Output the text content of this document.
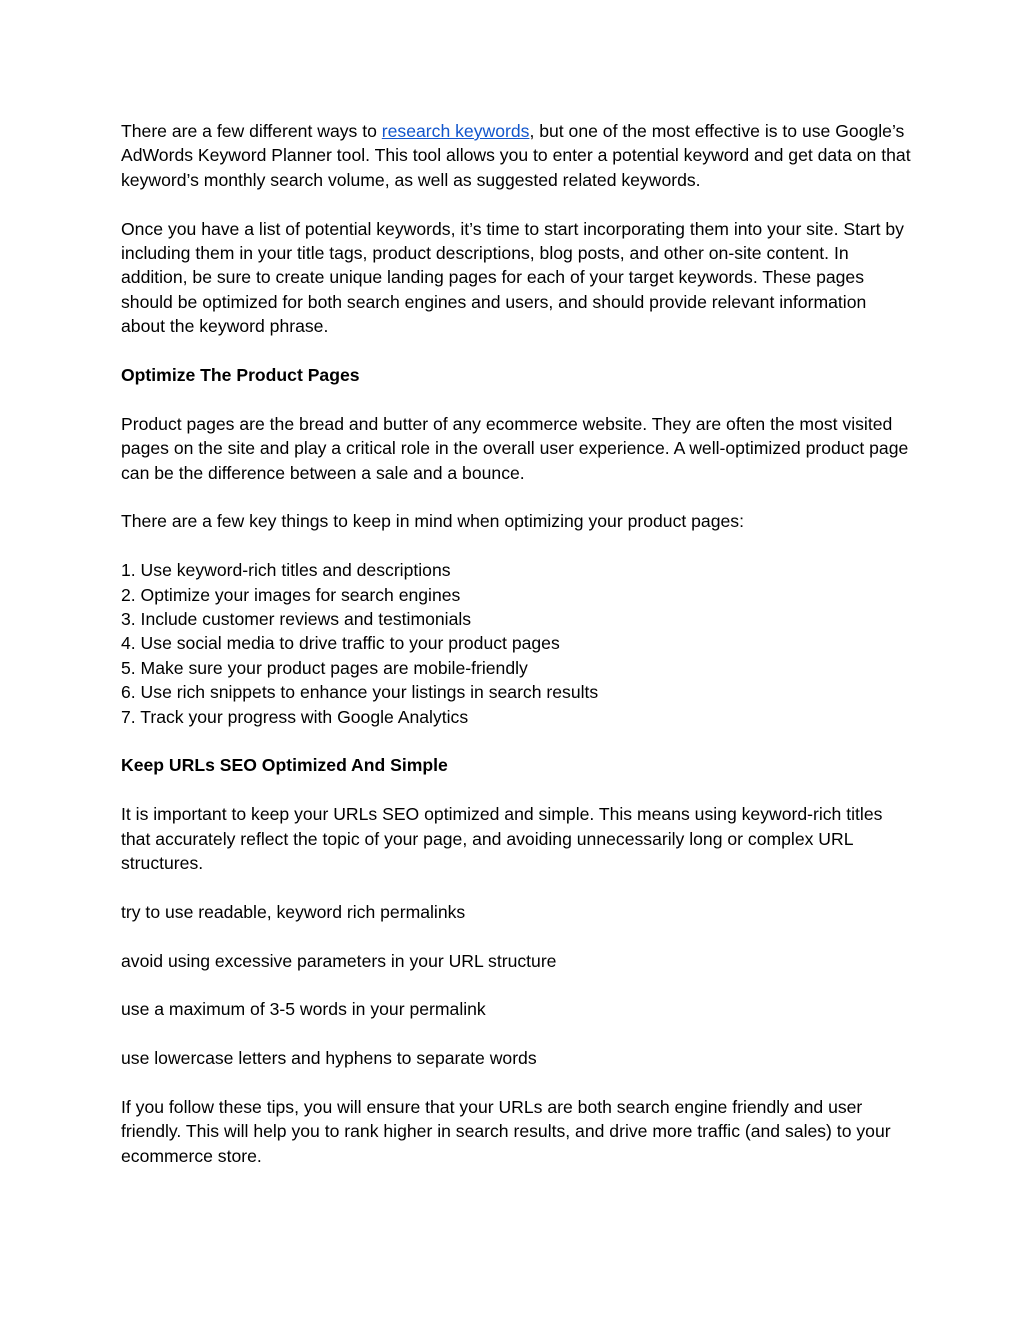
There are a few different ways to research keywords, but one of the most effective is to use Google’s AdWords Keyword Planner tool. This tool allows you to enter a potential keyword and get data on that keyword’s monthly search volume, as well as suggested related keywords.

Once you have a list of potential keywords, it’s time to start incorporating them into your site. Start by including them in your title tags, product descriptions, blog posts, and other on-site content. In addition, be sure to create unique landing pages for each of your target keywords. These pages should be optimized for both search engines and users, and should provide relevant information about the keyword phrase.

Optimize The Product Pages

Product pages are the bread and butter of any ecommerce website. They are often the most visited pages on the site and play a critical role in the overall user experience. A well-optimized product page can be the difference between a sale and a bounce.

There are a few key things to keep in mind when optimizing your product pages:

1. Use keyword-rich titles and descriptions

2. Optimize your images for search engines

3. Include customer reviews and testimonials

4. Use social media to drive traffic to your product pages

5. Make sure your product pages are mobile-friendly

6. Use rich snippets to enhance your listings in search results

7. Track your progress with Google Analytics

Keep URLs SEO Optimized And Simple

It is important to keep your URLs SEO optimized and simple. This means using keyword-rich titles that accurately reflect the topic of your page, and avoiding unnecessarily long or complex URL structures.

try to use readable, keyword rich permalinks

avoid using excessive parameters in your URL structure

use a maximum of 3-5 words in your permalink

use lowercase letters and hyphens to separate words

If you follow these tips, you will ensure that your URLs are both search engine friendly and user friendly. This will help you to rank higher in search results, and drive more traffic (and sales) to your ecommerce store.
